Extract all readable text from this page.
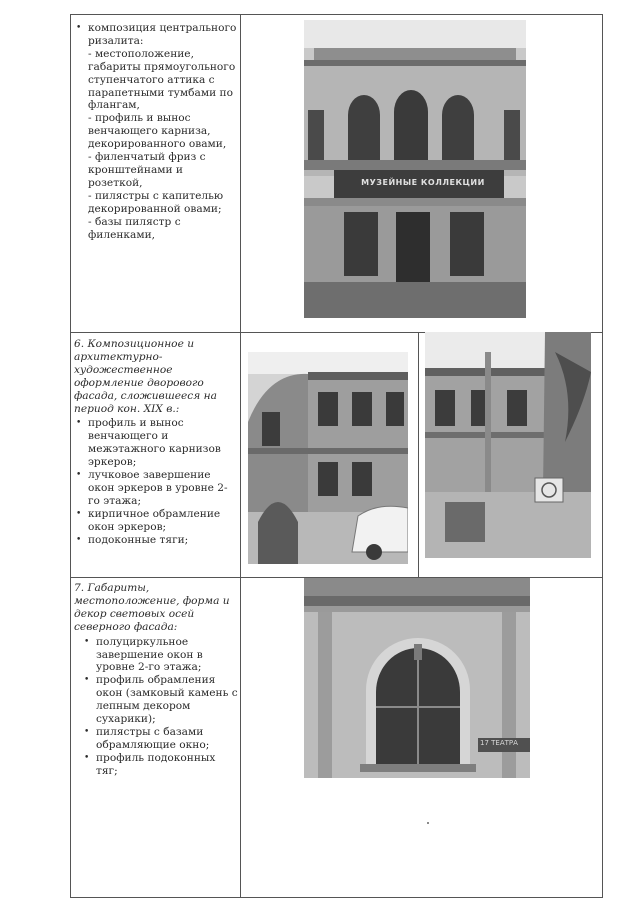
• композиция центрального ризалита:
- местоположение, габариты прямоугольного ступенчатого аттика с парапетными тумбами по флангам,
- профиль и вынос венчающего карниза, декорированного овами,
- филенчатый фриз с кронштейнами и розеткой,
- пилястры с капителью декорированной овами;
- базы пилястр с филенками,
МУЗЕЙНЫЕ КОЛЛЕКЦИИ
6. Композиционное и архитектурно-художественное оформление дворового фасада, сложившееся на период кон. XIX в.:
• профиль и вынос венчающего и межэтажного карнизов эркеров;
• лучковое завершение окон эркеров в уровне 2-го этажа;
• кирпичное обрамление окон эркеров;
• подоконные тяги;
7. Габариты, местоположение, форма и декор световых осей северного фасада:
• полуциркульное завершение окон в уровне 2-го этажа;
• профиль обрамления окон (замковый камень с лепным декором сухарики);
• пилястры с базами обрамляющие окно;
• профиль подоконных тяг;
17 ТЕАТРА
